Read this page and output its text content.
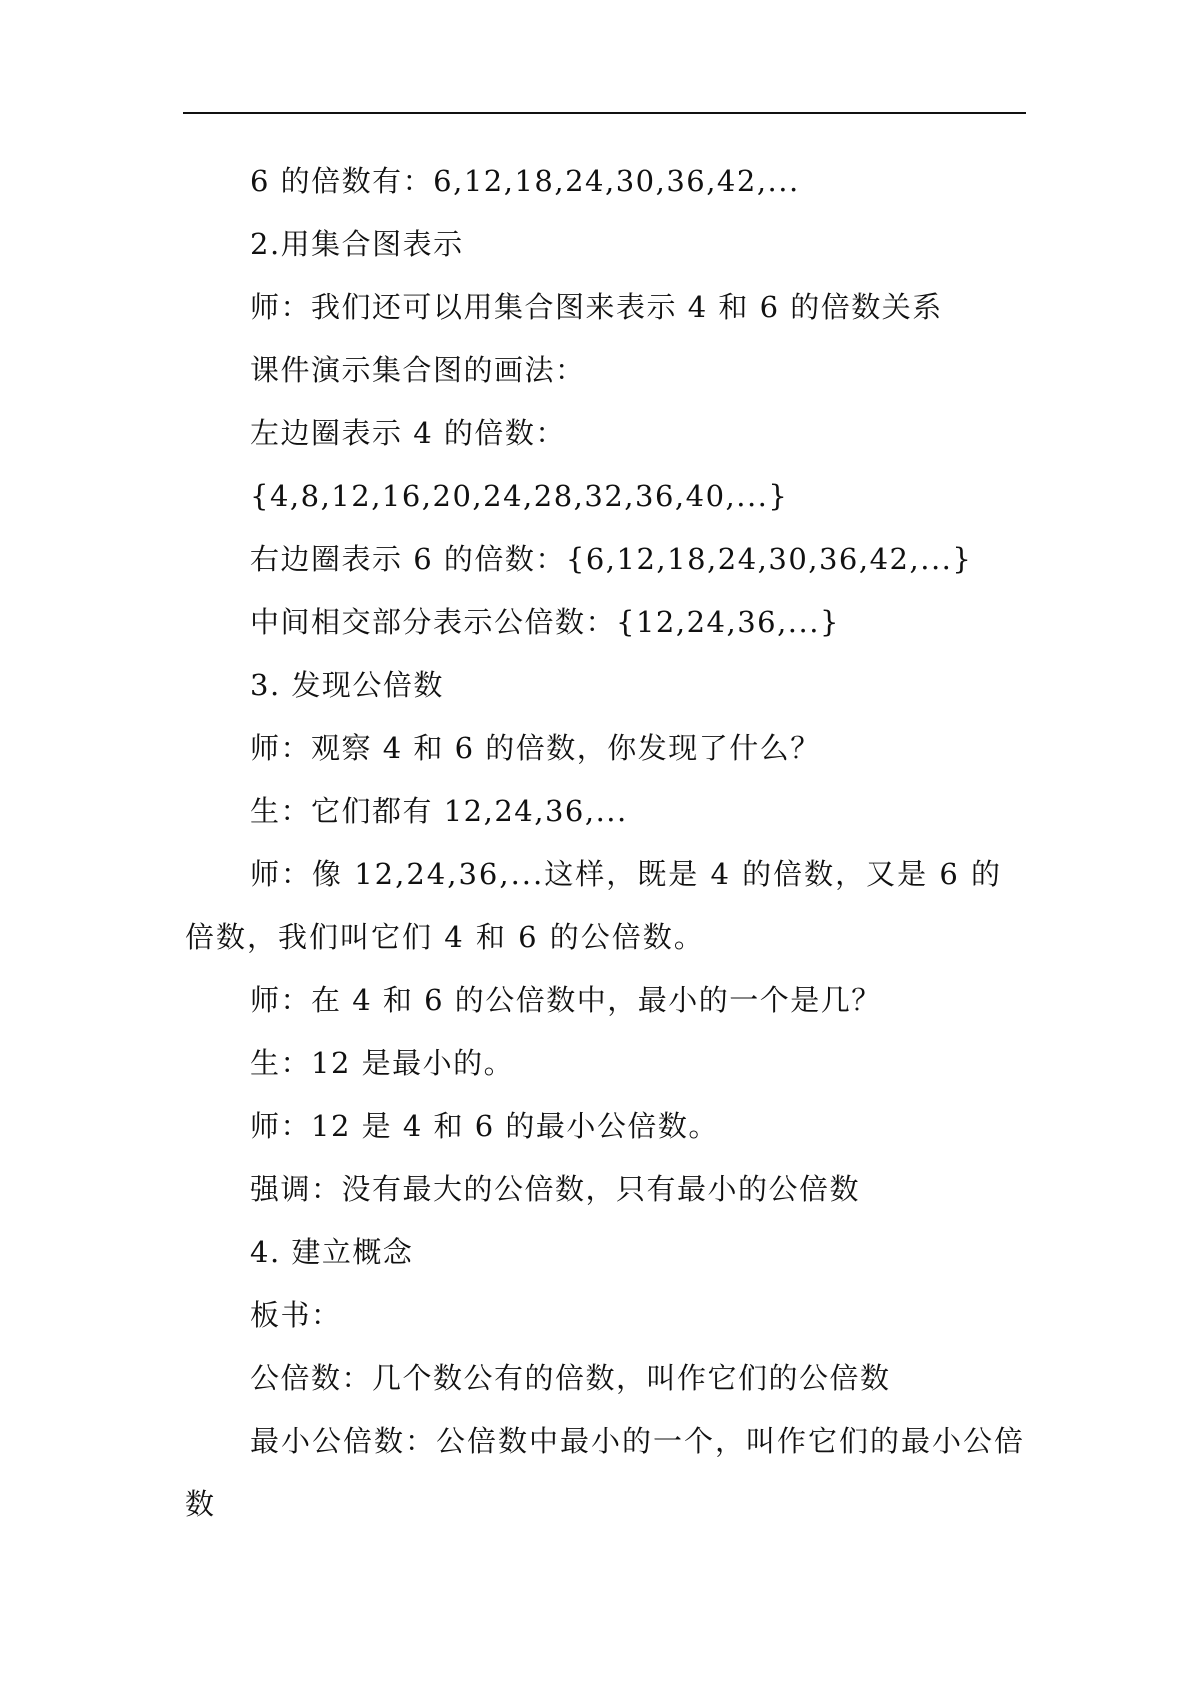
6 的倍数有：6,12,18,24,30,36,42,...
2.用集合图表示
师：我们还可以用集合图来表示 4 和 6 的倍数关系
课件演示集合图的画法：
左边圈表示 4 的倍数：
{4,8,12,16,20,24,28,32,36,40,...}
右边圈表示 6 的倍数：{6,12,18,24,30,36,42,...}
中间相交部分表示公倍数：{12,24,36,...}
3. 发现公倍数
师：观察 4 和 6 的倍数，你发现了什么？
生：它们都有 12,24,36,...
师：像 12,24,36,...这样，既是 4 的倍数，又是 6 的倍数，我们叫它们 4 和 6 的公倍数。
师：在 4 和 6 的公倍数中，最小的一个是几？
生：12 是最小的。
师：12 是 4 和 6 的最小公倍数。
强调：没有最大的公倍数，只有最小的公倍数
4. 建立概念
板书：
公倍数：几个数公有的倍数，叫作它们的公倍数
最小公倍数：公倍数中最小的一个，叫作它们的最小公倍数
